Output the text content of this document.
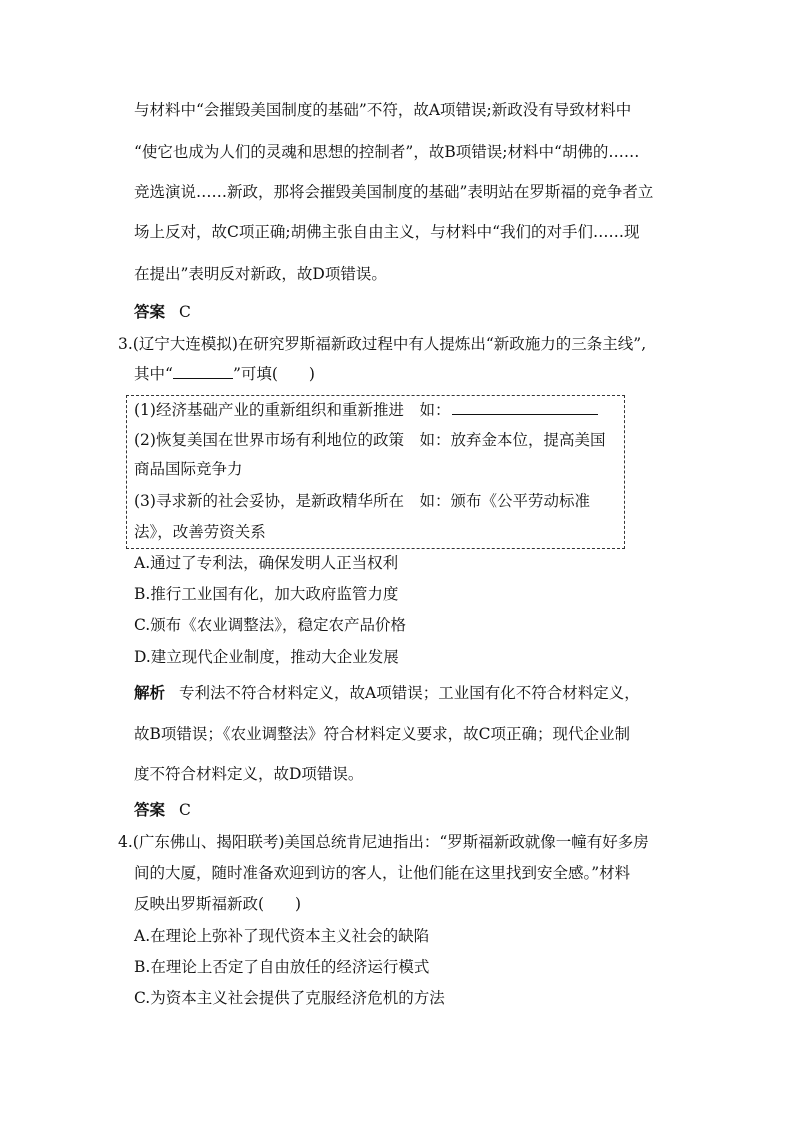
与材料中“会摧毁美国制度的基础”不符，故A项错误;新政没有导致材料中
“使它也成为人们的灵魂和思想的控制者”，故B项错误;材料中“胡佛的……
竞选演说……新政，那将会摧毁美国制度的基础”表明站在罗斯福的竞争者立
场上反对，故C项正确;胡佛主张自由主义，与材料中“我们的对手们……现
在提出”表明反对新政，故D项错误。
答案 C
3.(辽宁大连模拟)在研究罗斯福新政过程中有人提炼出“新政施力的三条主线”,
其中“	”可填(　　)
(1)经济基础产业的重新组织和重新推进　如：
(2)恢复美国在世界市场有利地位的政策　如：放弃金本位，提高美国
商品国际竞争力
(3)寻求新的社会妥协，是新政精华所在　如：颁布《公平劳动标准
法》，改善劳资关系
A.通过了专利法，确保发明人正当权利
B.推行工业国有化，加大政府监管力度
C.颁布《农业调整法》，稳定农产品价格
D.建立现代企业制度，推动大企业发展
解析 专利法不符合材料定义，故A项错误；工业国有化不符合材料定义，
故B项错误；《农业调整法》符合材料定义要求，故C项正确；现代企业制
度不符合材料定义，故D项错误。
答案 C
4.(广东佛山、揭阳联考)美国总统肯尼迪指出：“罗斯福新政就像一幢有好多房
间的大厦，随时准备欢迎到访的客人，让他们能在这里找到安全感。”材料
反映出罗斯福新政(　　)
A.在理论上弥补了现代资本主义社会的缺陷
B.在理论上否定了自由放任的经济运行模式
C.为资本主义社会提供了克服经济危机的方法
